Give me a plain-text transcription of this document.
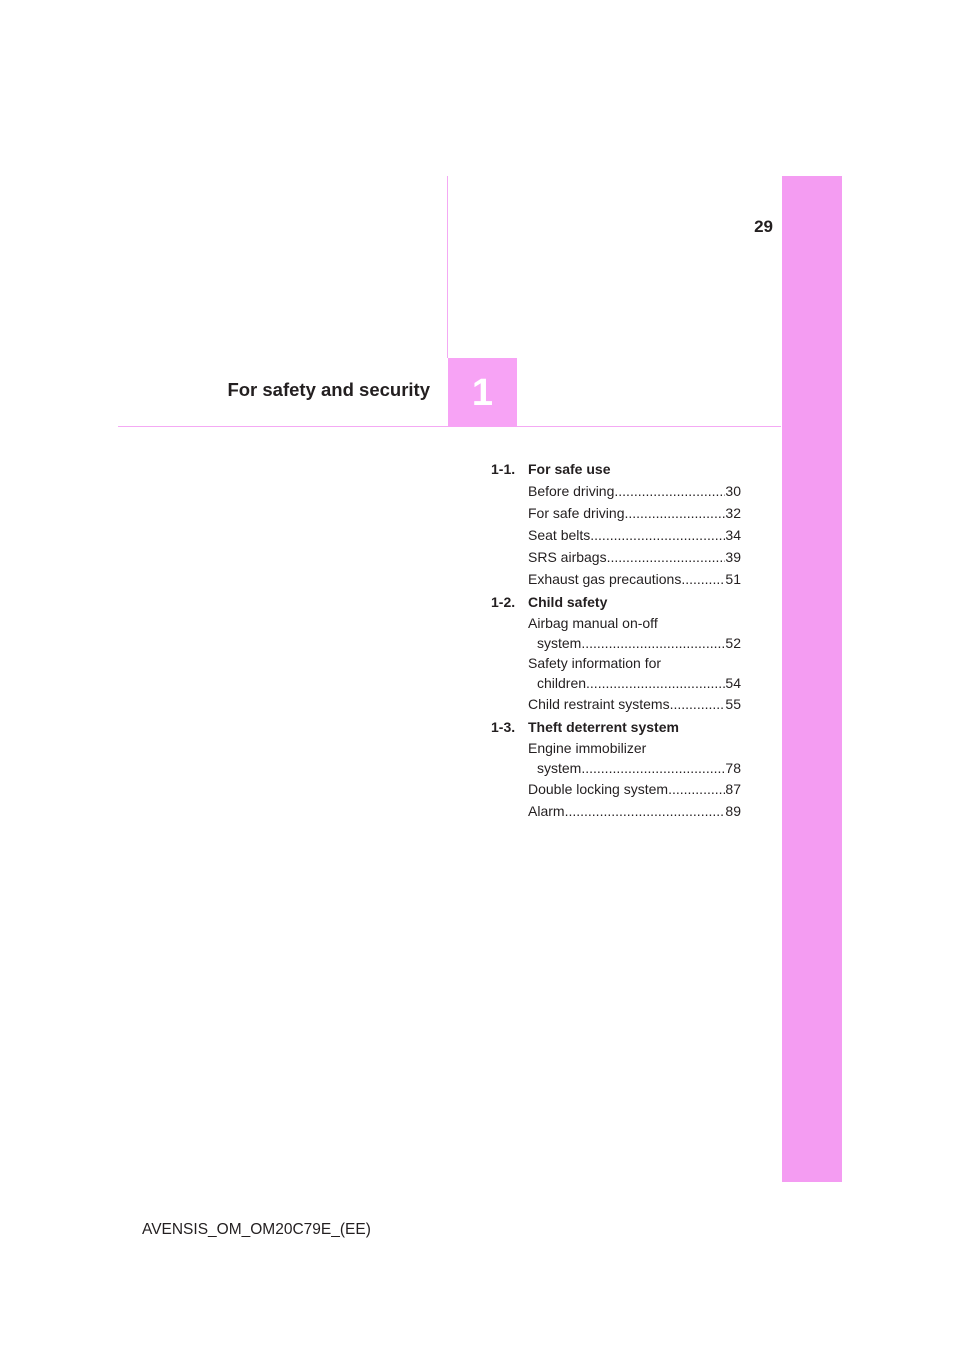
29
For safety and security 1
1-1. For safe use
Before driving .....	30
For safe driving .....	32
Seat belts .....	34
SRS airbags .....	39
Exhaust gas precautions .....	51
1-2. Child safety
Airbag manual on-off
system .....	52
Safety information for
children .....	54
Child restraint systems .....	55
1-3. Theft deterrent system
Engine immobilizer
system .....	78
Double locking system .....	87
Alarm .....	89
AVENSIS_OM_OM20C79E_(EE)
